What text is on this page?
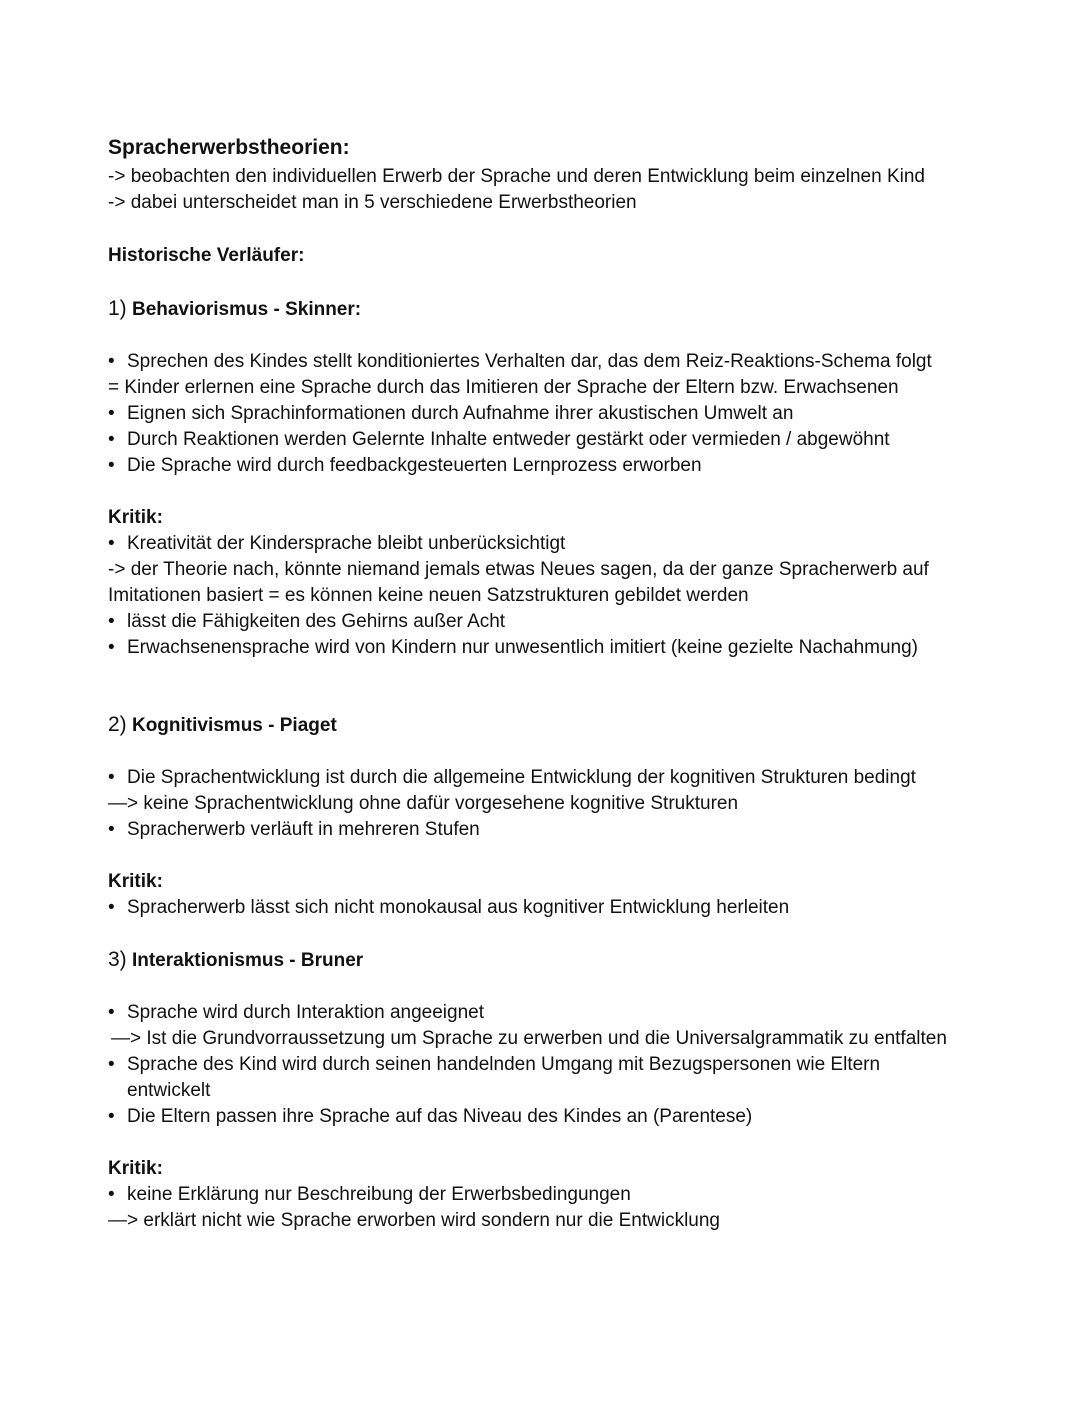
Spracherwerbstheorien:
-> beobachten den individuellen Erwerb der Sprache und deren Entwicklung beim einzelnen Kind
-> dabei unterscheidet man in 5 verschiedene Erwerbstheorien
Historische Verläufer:
1) Behaviorismus - Skinner:
• Sprechen des Kindes stellt konditioniertes Verhalten dar, das dem Reiz-Reaktions-Schema folgt
= Kinder erlernen eine Sprache durch das Imitieren der Sprache der Eltern bzw. Erwachsenen
• Eignen sich Sprachinformationen durch Aufnahme ihrer akustischen Umwelt an
• Durch Reaktionen werden Gelernte Inhalte entweder gestärkt oder vermieden / abgewöhnt
• Die Sprache wird durch feedbackgesteuerten Lernprozess erworben
Kritik:
• Kreativität der Kindersprache bleibt unberücksichtigt
-> der Theorie nach, könnte niemand jemals etwas Neues sagen, da der ganze Spracherwerb auf
Imitationen basiert = es können keine neuen Satzstrukturen gebildet werden
• lässt die Fähigkeiten des Gehirns außer Acht
• Erwachsenensprache wird von Kindern nur unwesentlich imitiert (keine gezielte Nachahmung)
2) Kognitivismus - Piaget
• Die Sprachentwicklung ist durch die allgemeine Entwicklung der kognitiven Strukturen bedingt
—> keine Sprachentwicklung ohne dafür vorgesehene kognitive Strukturen
• Spracherwerb verläuft in mehreren Stufen
Kritik:
• Spracherwerb lässt sich nicht monokausal aus kognitiver Entwicklung herleiten
3) Interaktionismus - Bruner
• Sprache wird durch Interaktion angeeignet
—> Ist die Grundvorraussetzung um Sprache zu erwerben und die Universalgrammatik zu entfalten
• Sprache des Kind wird durch seinen handelnden Umgang mit Bezugspersonen wie Eltern
entwickelt
• Die Eltern passen ihre Sprache auf das Niveau des Kindes an (Parentese)
Kritik:
• keine Erklärung nur Beschreibung der Erwerbsbedingungen
—> erklärt nicht wie Sprache erworben wird sondern nur die Entwicklung
